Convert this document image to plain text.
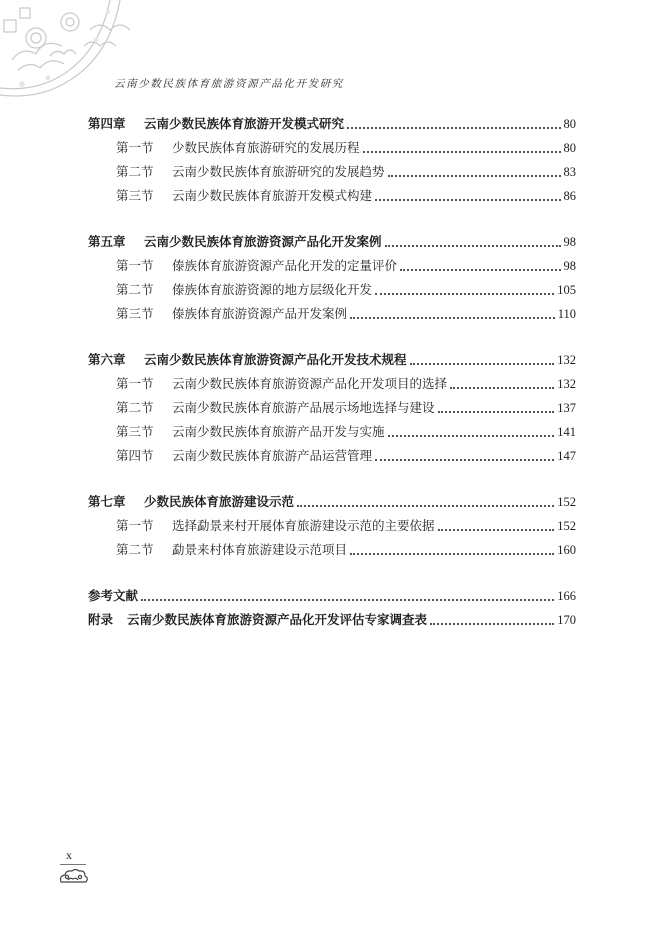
云南少数民族体育旅游资源产品化开发研究
第四章	云南少数民族体育旅游开发模式研究	80
第一节	少数民族体育旅游研究的发展历程	80
第二节	云南少数民族体育旅游研究的发展趋势	83
第三节	云南少数民族体育旅游开发模式构建	86
第五章	云南少数民族体育旅游资源产品化开发案例	98
第一节	傣族体育旅游资源产品化开发的定量评价	98
第二节	傣族体育旅游资源的地方层级化开发	105
第三节	傣族体育旅游资源产品开发案例	110
第六章	云南少数民族体育旅游资源产品化开发技术规程	132
第一节	云南少数民族体育旅游资源产品化开发项目的选择	132
第二节	云南少数民族体育旅游产品展示场地选择与建设	137
第三节	云南少数民族体育旅游产品开发与实施	141
第四节	云南少数民族体育旅游产品运营管理	147
第七章	少数民族体育旅游建设示范	152
第一节	选择勐景来村开展体育旅游建设示范的主要依据	152
第二节	勐景来村体育旅游建设示范项目	160
参考文献	166
附录 云南少数民族体育旅游资源产品化开发评估专家调查表	170
x
